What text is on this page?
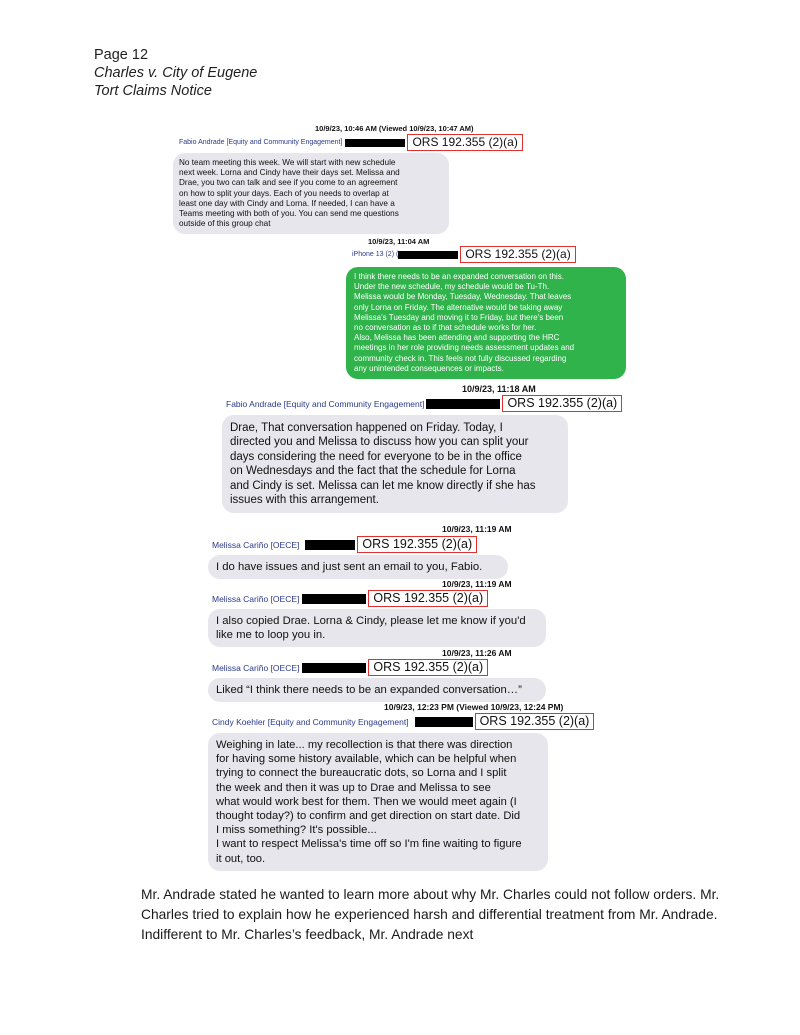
Page 12
Charles v. City of Eugene
Tort Claims Notice
10/9/23, 10:46 AM (Viewed 10/9/23, 10:47 AM)
Fabio Andrade [Equity and Community Engagement]	ORS 192.355 (2)(a)
No team meeting this week. We will start with new schedule
next week. Lorna and Cindy have their days set. Melissa and
Drae, you two can talk and see if you come to an agreement
on how to split your days. Each of you needs to overlap at
least one day with Cindy and Lorna. If needed, I can have a
Teams meeting with both of you. You can send me questions
outside of this group chat
10/9/23, 11:04 AM
iPhone 13 (2) (	ORS 192.355 (2)(a)
I think there needs to be an expanded conversation on this.
Under the new schedule, my schedule would be Tu-Th.
Melissa would be Monday, Tuesday, Wednesday. That leaves
only Lorna on Friday. The alternative would be taking away
Melissa's Tuesday and moving it to Friday, but there's been
no conversation as to if that schedule works for her.
Also, Melissa has been attending and supporting the HRC
meetings in her role providing needs assessment updates and
community check in. This feels not fully discussed regarding
any unintended consequences or impacts.
10/9/23, 11:18 AM
Fabio Andrade [Equity and Community Engagement]	ORS 192.355 (2)(a)
Drae, That conversation happened on Friday. Today, I
directed you and Melissa to discuss how you can split your
days considering the need for everyone to be in the office
on Wednesdays and the fact that the schedule for Lorna
and Cindy is set. Melissa can let me know directly if she has
issues with this arrangement.
10/9/23, 11:19 AM
Melissa Cariño [OECE]	ORS 192.355 (2)(a)
I do have issues and just sent an email to you, Fabio.
10/9/23, 11:19 AM
Melissa Cariño [OECE]	ORS 192.355 (2)(a)
I also copied Drae. Lorna & Cindy, please let me know if you'd
like me to loop you in.
10/9/23, 11:26 AM
Melissa Cariño [OECE]	ORS 192.355 (2)(a)
Liked “I think there needs to be an expanded conversation…”
10/9/23, 12:23 PM (Viewed 10/9/23, 12:24 PM)
Cindy Koehler [Equity and Community Engagement]	ORS 192.355 (2)(a)
Weighing in late... my recollection is that there was direction
for having some history available, which can be helpful when
trying to connect the bureaucratic dots, so Lorna and I split
the week and then it was up to Drae and Melissa to see
what would work best for them. Then we would meet again (I
thought today?) to confirm and get direction on start date. Did
I miss something? It's possible...
I want to respect Melissa's time off so I'm fine waiting to figure
it out, too.
Mr. Andrade stated he wanted to learn more about why Mr. Charles could not follow orders. Mr. Charles tried to explain how he experienced harsh and differential treatment from Mr. Andrade. Indifferent to Mr. Charles’s feedback, Mr. Andrade next
